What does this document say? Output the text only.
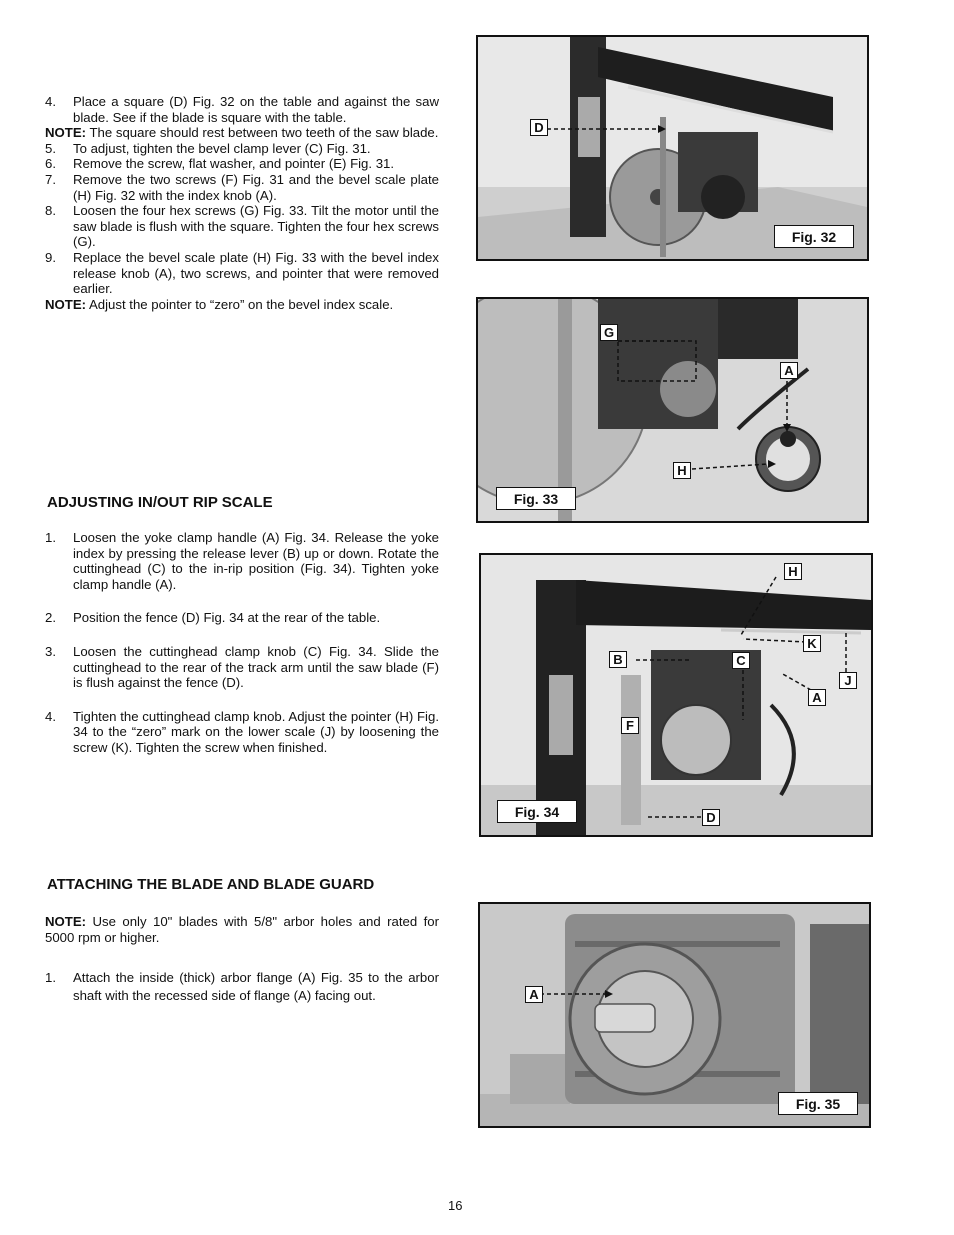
4. Place a square (D) Fig. 32 on the table and against the saw blade. See if the blade is square with the table.

NOTE: The square should rest between two teeth of the saw blade.

5. To adjust, tighten the bevel clamp lever (C) Fig. 31.
6. Remove the screw, flat washer, and pointer (E) Fig. 31.
7. Remove the two screws (F) Fig. 31 and the bevel scale plate (H) Fig. 32 with the index knob (A).
8. Loosen the four hex screws (G) Fig. 33. Tilt the motor until the saw blade is flush with the square. Tighten the four hex screws (G).
9. Replace the bevel scale plate (H) Fig. 33 with the bevel index release knob (A), two screws, and pointer that were removed earlier.

NOTE: Adjust the pointer to “zero” on the bevel index scale.

ADJUSTING IN/OUT RIP SCALE
1. Loosen the yoke clamp handle (A) Fig. 34. Release the yoke index by pressing the release lever (B) up or down. Rotate the cuttinghead (C) to the in-rip position (Fig. 34). Tighten yoke clamp handle (A).
2. Position the fence (D) Fig. 34 at the rear of the table.
3. Loosen the cuttinghead clamp knob (C) Fig. 34. Slide the cuttinghead to the rear of the track arm until the saw blade (F) is flush against the fence (D).
4. Tighten the cuttinghead clamp knob. Adjust the pointer (H) Fig. 34 to the “zero” mark on the lower scale (J) by loosening the screw (K). Tighten the screw when finished.
ATTACHING THE BLADE AND BLADE GUARD

NOTE: Use only 10" blades with 5/8" arbor holes and rated for 5000 rpm or higher.

1. Attach the inside (thick) arbor flange (A) Fig. 35 to the arbor shaft with the recessed side of flange (A) facing out.
D
Fig. 32
G
A
H
Fig. 33
H
K
B	C
J
A
F
D
Fig. 34
A
Fig. 35
16
